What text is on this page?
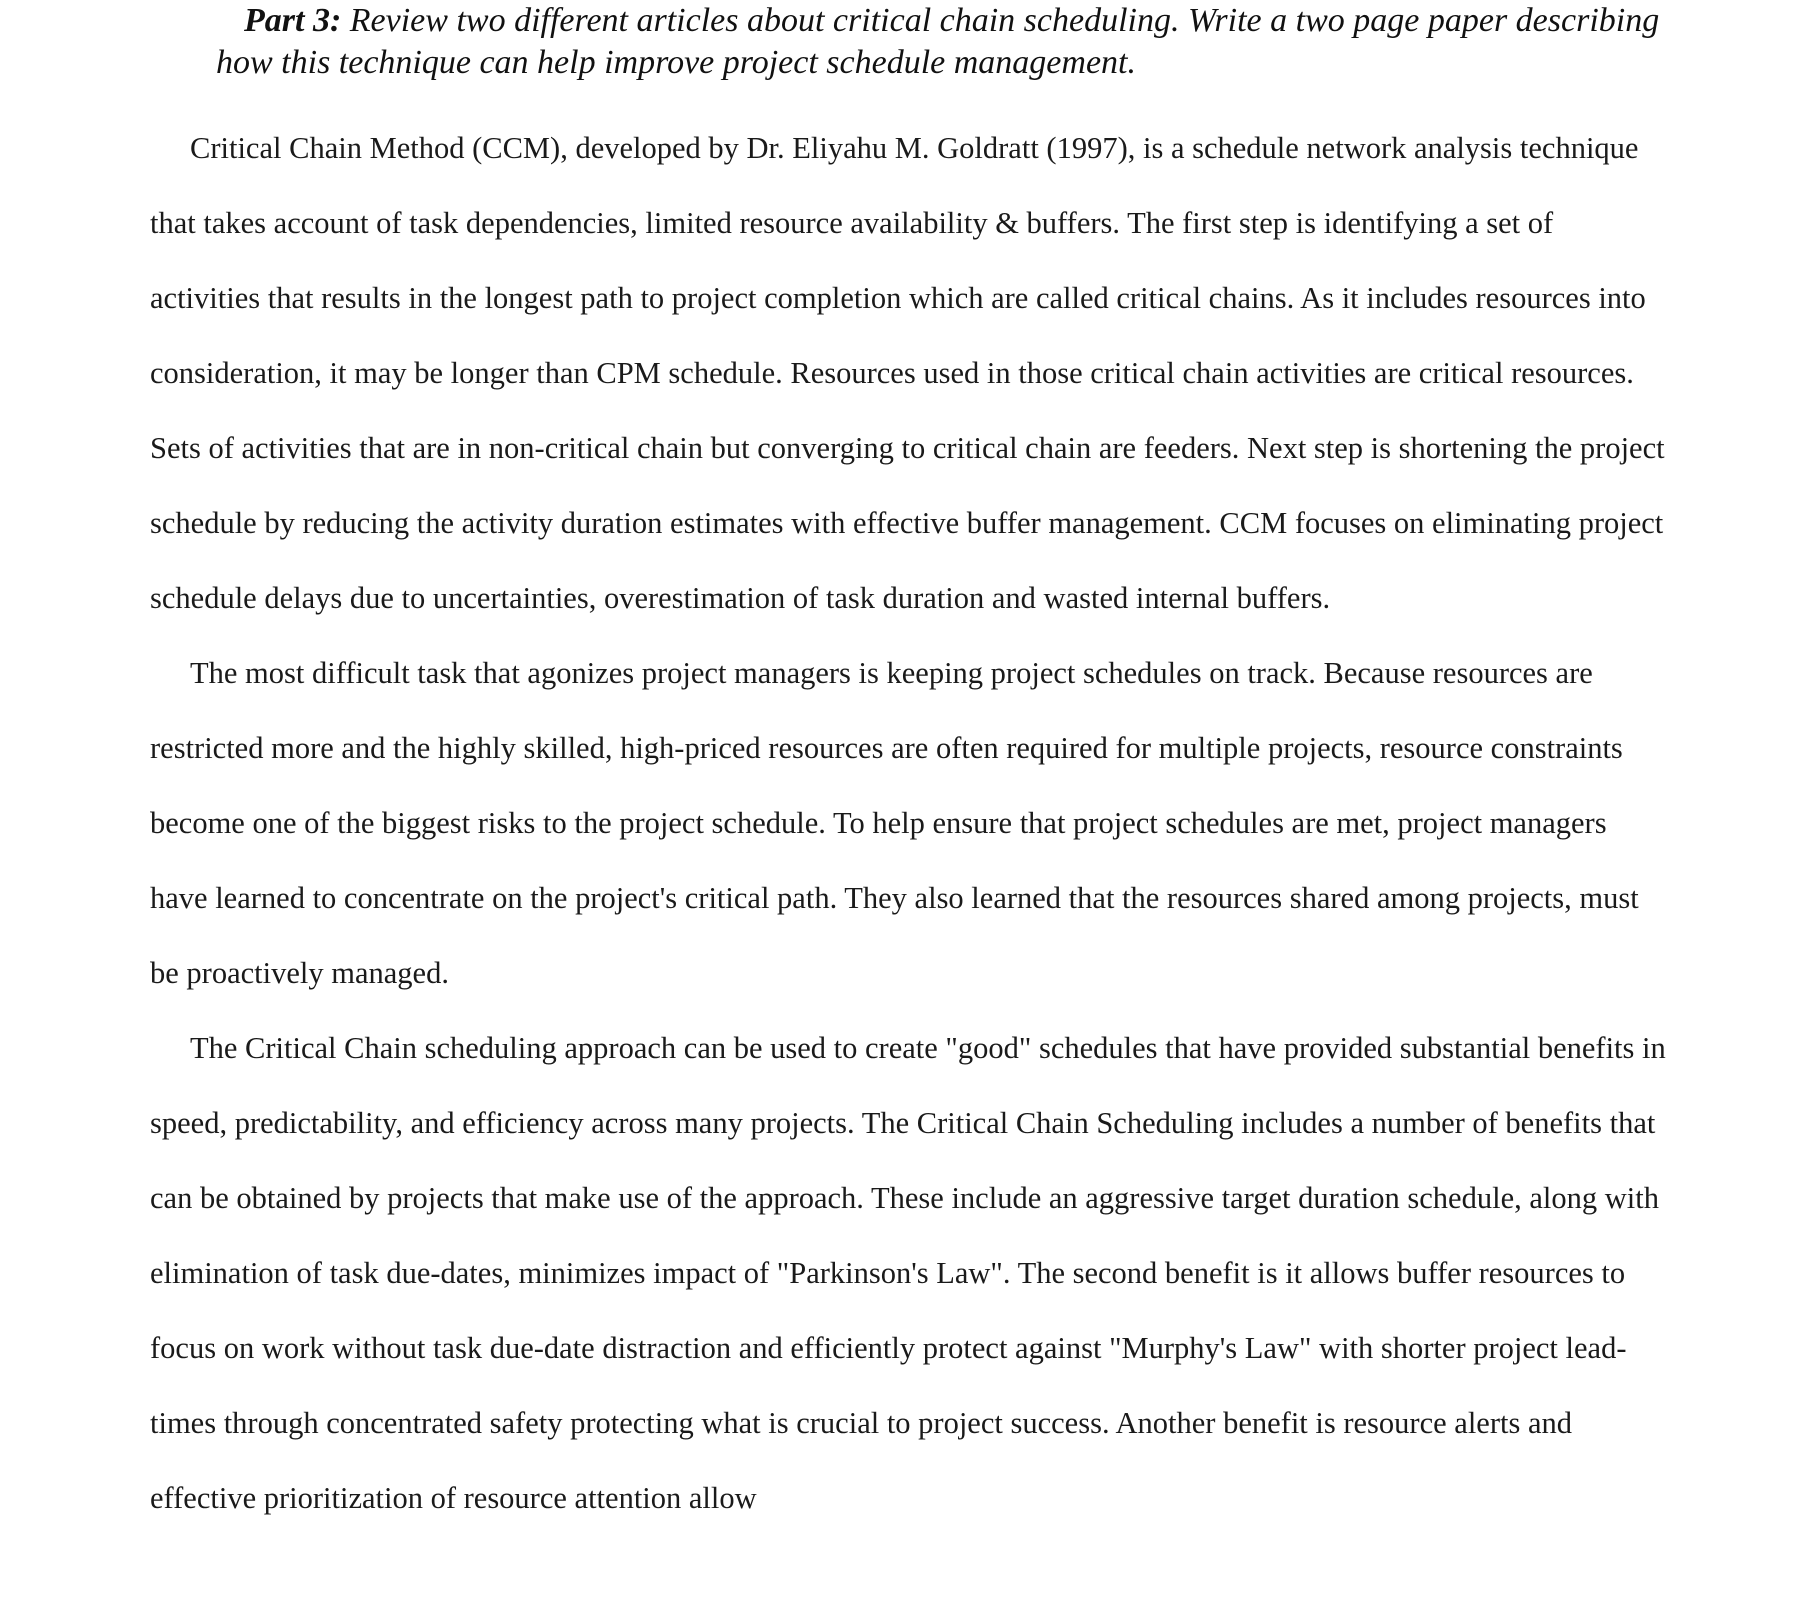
Part 3: Review two different articles about critical chain scheduling. Write a two page paper describing how this technique can help improve project schedule management.

Critical Chain Method (CCM), developed by Dr. Eliyahu M. Goldratt (1997), is a schedule network analysis technique that takes account of task dependencies, limited resource availability & buffers. The first step is identifying a set of activities that results in the longest path to project completion which are called critical chains. As it includes resources into consideration, it may be longer than CPM schedule. Resources used in those critical chain activities are critical resources. Sets of activities that are in non-critical chain but converging to critical chain are feeders. Next step is shortening the project schedule by reducing the activity duration estimates with effective buffer management. CCM focuses on eliminating project schedule delays due to uncertainties, overestimation of task duration and wasted internal buffers.

The most difficult task that agonizes project managers is keeping project schedules on track. Because resources are restricted more and the highly skilled, high-priced resources are often required for multiple projects, resource constraints become one of the biggest risks to the project schedule. To help ensure that project schedules are met, project managers have learned to concentrate on the project's critical path. They also learned that the resources shared among projects, must be proactively managed.

The Critical Chain scheduling approach can be used to create "good" schedules that have provided substantial benefits in speed, predictability, and efficiency across many projects. The Critical Chain Scheduling includes a number of benefits that can be obtained by projects that make use of the approach. These include an aggressive target duration schedule, along with elimination of task due-dates, minimizes impact of "Parkinson's Law". The second benefit is it allows buffer resources to focus on work without task due-date distraction and efficiently protect against "Murphy's Law" with shorter project lead-times through concentrated safety protecting what is crucial to project success. Another benefit is resource alerts and effective prioritization of resource attention allow
